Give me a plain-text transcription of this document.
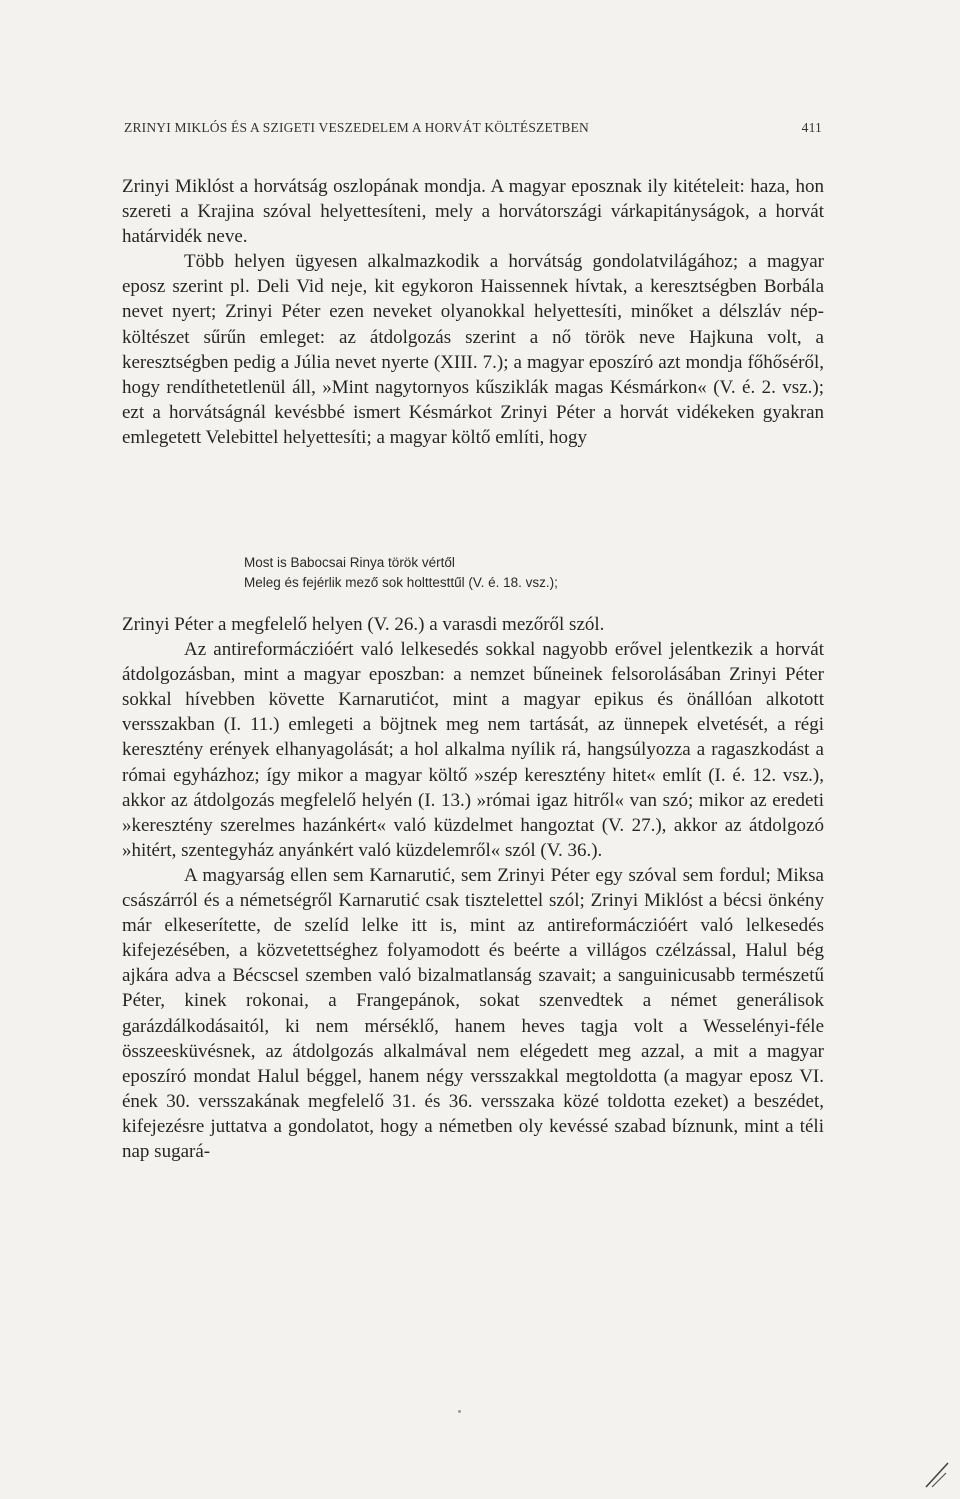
ZRINYI MIKLÓS ÉS A SZIGETI VESZEDELEM A HORVÁT KÖLTÉSZETBEN	411

Zrinyi Miklóst a horvátság oszlopának mondja. A magyar eposznak ily kitételeit: haza, hon szereti a Krajina szóval helyettesíteni, mely a horvátországi várkapitányságok, a horvát határvidék neve.

Több helyen ügyesen alkalmazkodik a horvátság gondolatvilágához; a magyar eposz szerint pl. Deli Vid neje, kit egykoron Haissennek hívtak, a keresztségben Borbála nevet nyert; Zrinyi Péter ezen neveket olyanokkal helyettesíti, minőket a délszláv népköltészet sűrűn emleget: az átdolgozás szerint a nő török neve Hajkuna volt, a keresztségben pedig a Júlia nevet nyerte (XIII. 7.); a magyar eposzíró azt mondja főhőséről, hogy rendíthetetlenül áll, »Mint nagytornyos kűsziklák magas Késmárkon« (V. é. 2. vsz.); ezt a horvátságnál kevésbbé ismert Késmárkot Zrinyi Péter a horvát vidékeken gyakran emlegetett Velebittel helyettesíti; a magyar költő említi, hogy

Most is Babocsai Rinya török vértől

Meleg és fejérlik mező sok holttesttűl (V. é. 18. vsz.);

Zrinyi Péter a megfelelő helyen (V. 26.) a varasdi mezőről szól.

Az antireformáczióért való lelkesedés sokkal nagyobb erővel jelentkezik a horvát átdolgozásban, mint a magyar eposzban: a nemzet bűneinek felsorolásában Zrinyi Péter sokkal hívebben követte Karnarutićot, mint a magyar epikus és önállóan alkotott versszakban (I. 11.) emlegeti a böjtnek meg nem tartását, az ünnepek elvetését, a régi keresztény erények elhanyagolását; a hol alkalma nyílik rá, hangsúlyozza a ragaszkodást a római egyházhoz; így mikor a magyar költő »szép keresztény hitet« említ (I. é. 12. vsz.), akkor az átdolgozás megfelelő helyén (I. 13.) »római igaz hitről« van szó; mikor az eredeti »keresztény szerelmes hazánkért« való küzdelmet hangoztat (V. 27.), akkor az átdolgozó »hitért, szentegyház anyánkért való küzdelemről« szól (V. 36.).

A magyarság ellen sem Karnarutić, sem Zrinyi Péter egy szóval sem fordul; Miksa császárról és a németségről Karnarutić csak tisztelettel szól; Zrinyi Miklóst a bécsi önkény már elkeserítette, de szelíd lelke itt is, mint az antireformáczióért való lelkesedés kifejezésében, a közvetettséghez folyamodott és beérte a villágos czélzással, Halul bég ajkára adva a Bécscsel szemben való bizalmatlanság szavait; a sanguinicusabb természetű Péter, kinek rokonai, a Frangepánok, sokat szenvedtek a német generálisok garázdálkodásaitól, ki nem mérséklő, hanem heves tagja volt a Wesselényi-féle összeesküvésnek, az átdolgozás alkalmával nem elégedett meg azzal, a mit a magyar eposzíró mondat Halul béggel, hanem négy versszakkal megtoldotta (a magyar eposz VI. ének 30. versszakának megfelelő 31. és 36. versszaka közé toldotta ezeket) a beszédet, kifejezésre juttatva a gondolatot, hogy a németben oly kevéssé szabad bíznunk, mint a téli nap sugará-
